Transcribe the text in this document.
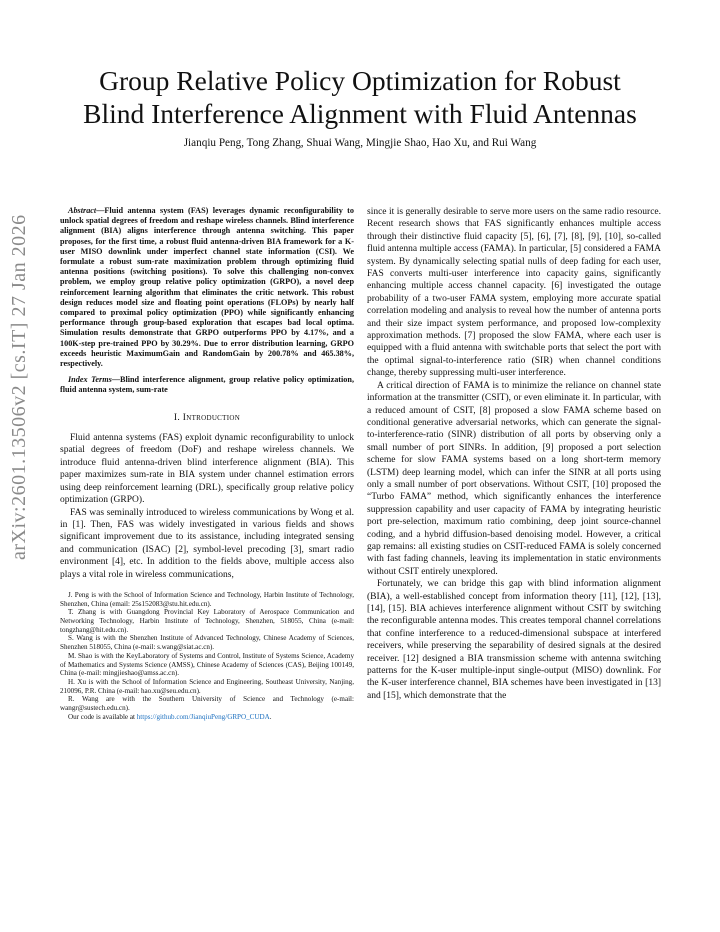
arXiv:2601.13506v2 [cs.IT] 27 Jan 2026
Group Relative Policy Optimization for Robust
Blind Interference Alignment with Fluid Antennas
Jianqiu Peng, Tong Zhang, Shuai Wang, Mingjie Shao, Hao Xu, and Rui Wang

Abstract—Fluid antenna system (FAS) leverages dynamic reconfigurability to unlock spatial degrees of freedom and reshape wireless channels. Blind interference alignment (BIA) aligns interference through antenna switching. This paper proposes, for the first time, a robust fluid antenna-driven BIA framework for a K-user MISO downlink under imperfect channel state information (CSI). We formulate a robust sum-rate maximization problem through optimizing fluid antenna positions (switching positions). To solve this challenging non-convex problem, we employ group relative policy optimization (GRPO), a novel deep reinforcement learning algorithm that eliminates the critic network. This robust design reduces model size and floating point operations (FLOPs) by nearly half compared to proximal policy optimization (PPO) while significantly enhancing performance through group-based exploration that escapes bad local optima. Simulation results demonstrate that GRPO outperforms PPO by 4.17%, and a 100K-step pre-trained PPO by 30.29%. Due to error distribution learning, GRPO exceeds heuristic MaximumGain and RandomGain by 200.78% and 465.38%, respectively.

Index Terms—Blind interference alignment, group relative policy optimization, fluid antenna system, sum-rate

I. Introduction

Fluid antenna systems (FAS) exploit dynamic reconfigurability to unlock spatial degrees of freedom (DoF) and reshape wireless channels. We introduce fluid antenna-driven blind interference alignment (BIA). This paper maximizes sum-rate in BIA system under channel estimation errors using deep reinforcement learning (DRL), specifically group relative policy optimization (GRPO).

FAS was seminally introduced to wireless communications by Wong et al. in [1]. Then, FAS was widely investigated in various fields and shows significant improvement due to its assistance, including integrated sensing and communication (ISAC) [2], symbol-level precoding [3], smart radio environment [4], etc. In addition to the fields above, multiple access also plays a vital role in wireless communications,

J. Peng is with the School of Information Science and Technology, Harbin Institute of Technology, Shenzhen, China (email: 25s152083@stu.hit.edu.cn).

T. Zhang is with Guangdong Provincial Key Laboratory of Aerospace Communication and Networking Technology, Harbin Institute of Technology, Shenzhen, 518055, China (e-mail: tongzhang@hit.edu.cn).

S. Wang is with the Shenzhen Institute of Advanced Technology, Chinese Academy of Sciences, Shenzhen 518055, China (e-mail: s.wang@siat.ac.cn).

M. Shao is with the KeyLaboratory of Systems and Control, Institute of Systems Science, Academy of Mathematics and Systems Science (AMSS), Chinese Academy of Sciences (CAS), Beijing 100149, China (e-mail: mingjieshao@amss.ac.cn).

H. Xu is with the School of Information Science and Engineering, Southeast University, Nanjing, 210096, P.R. China (e-mail: hao.xu@seu.edu.cn).

R. Wang are with the Southern University of Science and Technology (e-mail: wangr@sustech.edu.cn).

Our code is available at https://github.com/JianqiuPeng/GRPO_CUDA.

since it is generally desirable to serve more users on the same radio resource. Recent research shows that FAS significantly enhances multiple access through their distinctive fluid capacity [5], [6], [7], [8], [9], [10], so-called fluid antenna multiple access (FAMA). In particular, [5] considered a FAMA system. By dynamically selecting spatial nulls of deep fading for each user, FAS converts multi-user interference into capacity gains, significantly enhancing multiple access channel capacity. [6] investigated the outage probability of a two-user FAMA system, employing more accurate spatial correlation modeling and analysis to reveal how the number of antenna ports and their size impact system performance, and proposed low-complexity approximation methods. [7] proposed the slow FAMA, where each user is equipped with a fluid antenna with switchable ports that select the port with the optimal signal-to-interference ratio (SIR) when channel conditions change, thereby suppressing multi-user interference.

A critical direction of FAMA is to minimize the reliance on channel state information at the transmitter (CSIT), or even eliminate it. In particular, with a reduced amount of CSIT, [8] proposed a slow FAMA scheme based on conditional generative adversarial networks, which can generate the signal-to-interference-ratio (SINR) distribution of all ports by observing only a small number of port SINRs. In addition, [9] proposed a port selection scheme for slow FAMA systems based on a long short-term memory (LSTM) deep learning model, which can infer the SINR at all ports using only a small number of port observations. Without CSIT, [10] proposed the “Turbo FAMA” method, which significantly enhances the interference suppression capability and user capacity of FAMA by integrating heuristic port pre-selection, maximum ratio combining, deep joint source-channel coding, and a hybrid diffusion-based denoising model. However, a critical gap remains: all existing studies on CSIT-reduced FAMA is solely concerned with fast fading channels, leaving its implementation in static environments without CSIT entirely unexplored.

Fortunately, we can bridge this gap with blind information alignment (BIA), a well-established concept from information theory [11], [12], [13], [14], [15]. BIA achieves interference alignment without CSIT by switching the reconfigurable antenna modes. This creates temporal channel correlations that confine interference to a reduced-dimensional subspace at interfered receivers, while preserving the separability of desired signals at the desired receiver. [12] designed a BIA transmission scheme with antenna switching patterns for the K-user multiple-input single-output (MISO) downlink. For the K-user interference channel, BIA schemes have been investigated in [13] and [15], which demonstrate that the
